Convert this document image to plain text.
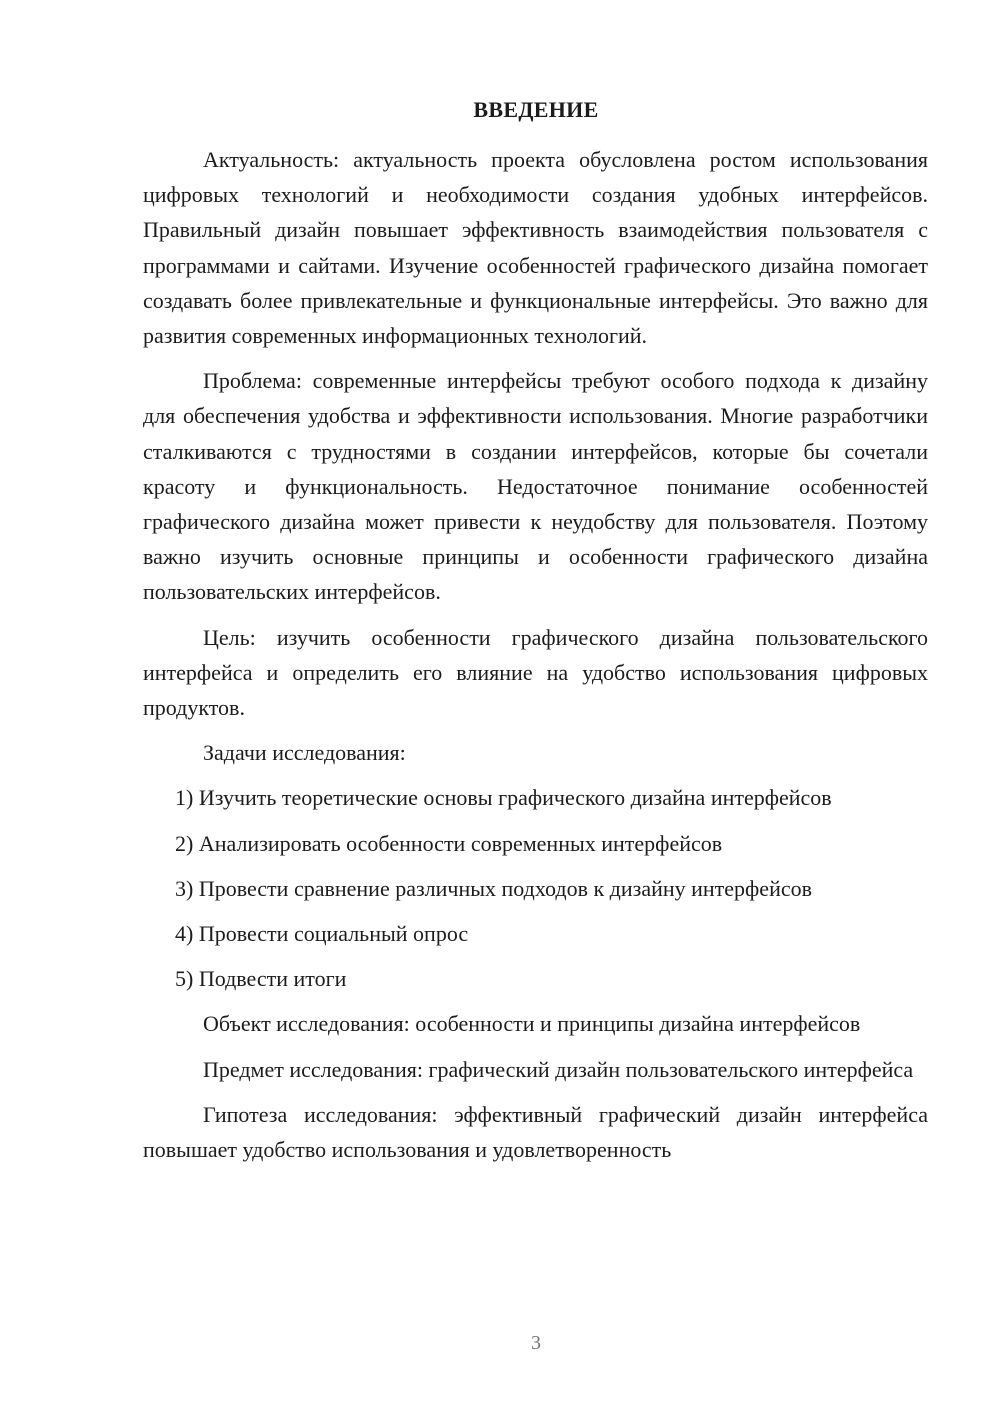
ВВЕДЕНИЕ

Актуальность: актуальность проекта обусловлена ростом использования цифровых технологий и необходимости создания удобных интерфейсов. Правильный дизайн повышает эффективность взаимодействия пользователя с программами и сайтами. Изучение особенностей графического дизайна помогает создавать более привлекательные и функциональные интерфейсы. Это важно для развития современных информационных технологий.

Проблема: современные интерфейсы требуют особого подхода к дизайну для обеспечения удобства и эффективности использования. Многие разработчики сталкиваются с трудностями в создании интерфейсов, которые бы сочетали красоту и функциональность. Недостаточное понимание особенностей графического дизайна может привести к неудобству для пользователя. Поэтому важно изучить основные принципы и особенности графического дизайна пользовательских интерфейсов.

Цель: изучить особенности графического дизайна пользовательского интерфейса и определить его влияние на удобство использования цифровых продуктов.

Задачи исследования:

1) Изучить теоретические основы графического дизайна интерфейсов
2) Анализировать особенности современных интерфейсов
3) Провести сравнение различных подходов к дизайну интерфейсов
4) Провести социальный опрос
5) Подвести итоги

Объект исследования: особенности и принципы дизайна интерфейсов

Предмет исследования: графический дизайн пользовательского интерфейса

Гипотеза исследования: эффективный графический дизайн интерфейса повышает удобство использования и удовлетворенность

3
